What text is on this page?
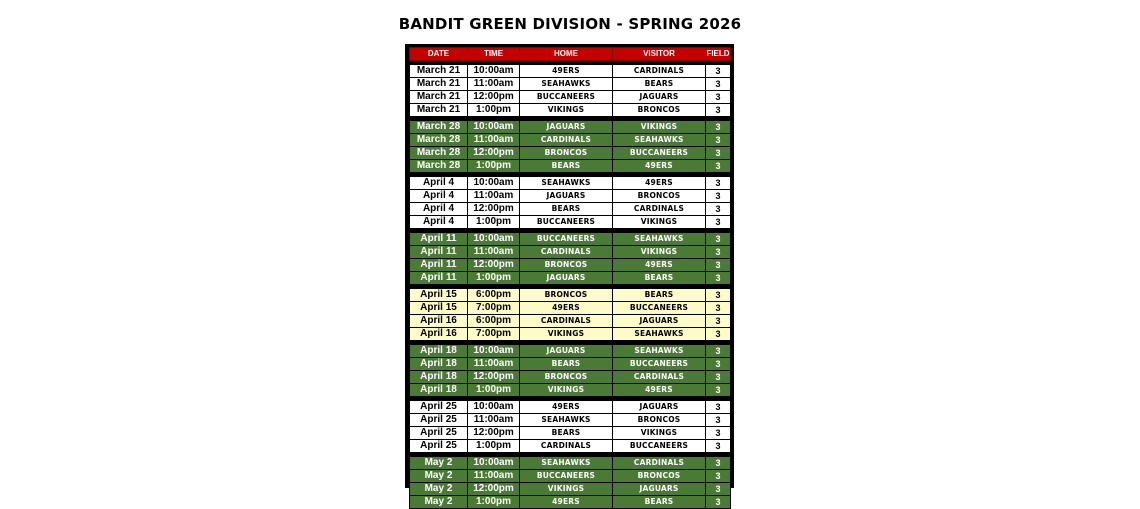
BANDIT GREEN DIVISION - SPRING 2026
DATE	TIME	HOME	VISITOR	FIELD

March 21	10:00am	49ERS	CARDINALS	3
March 21	11:00am	SEAHAWKS	BEARS	3
March 21	12:00pm	BUCCANEERS	JAGUARS	3
March 21	1:00pm	VIKINGS	BRONCOS	3

March 28	10:00am	JAGUARS	VIKINGS	3
March 28	11:00am	CARDINALS	SEAHAWKS	3
March 28	12:00pm	BRONCOS	BUCCANEERS	3
March 28	1:00pm	BEARS	49ERS	3

April 4	10:00am	SEAHAWKS	49ERS	3
April 4	11:00am	JAGUARS	BRONCOS	3
April 4	12:00pm	BEARS	CARDINALS	3
April 4	1:00pm	BUCCANEERS	VIKINGS	3

April 11	10:00am	BUCCANEERS	SEAHAWKS	3
April 11	11:00am	CARDINALS	VIKINGS	3
April 11	12:00pm	BRONCOS	49ERS	3
April 11	1:00pm	JAGUARS	BEARS	3

April 15	6:00pm	BRONCOS	BEARS	3
April 15	7:00pm	49ERS	BUCCANEERS	3
April 16	6:00pm	CARDINALS	JAGUARS	3
April 16	7:00pm	VIKINGS	SEAHAWKS	3

April 18	10:00am	JAGUARS	SEAHAWKS	3
April 18	11:00am	BEARS	BUCCANEERS	3
April 18	12:00pm	BRONCOS	CARDINALS	3
April 18	1:00pm	VIKINGS	49ERS	3

April 25	10:00am	49ERS	JAGUARS	3
April 25	11:00am	SEAHAWKS	BRONCOS	3
April 25	12:00pm	BEARS	VIKINGS	3
April 25	1:00pm	CARDINALS	BUCCANEERS	3

May 2	10:00am	SEAHAWKS	CARDINALS	3
May 2	11:00am	BUCCANEERS	BRONCOS	3
May 2	12:00pm	VIKINGS	JAGUARS	3
May 2	1:00pm	49ERS	BEARS	3
